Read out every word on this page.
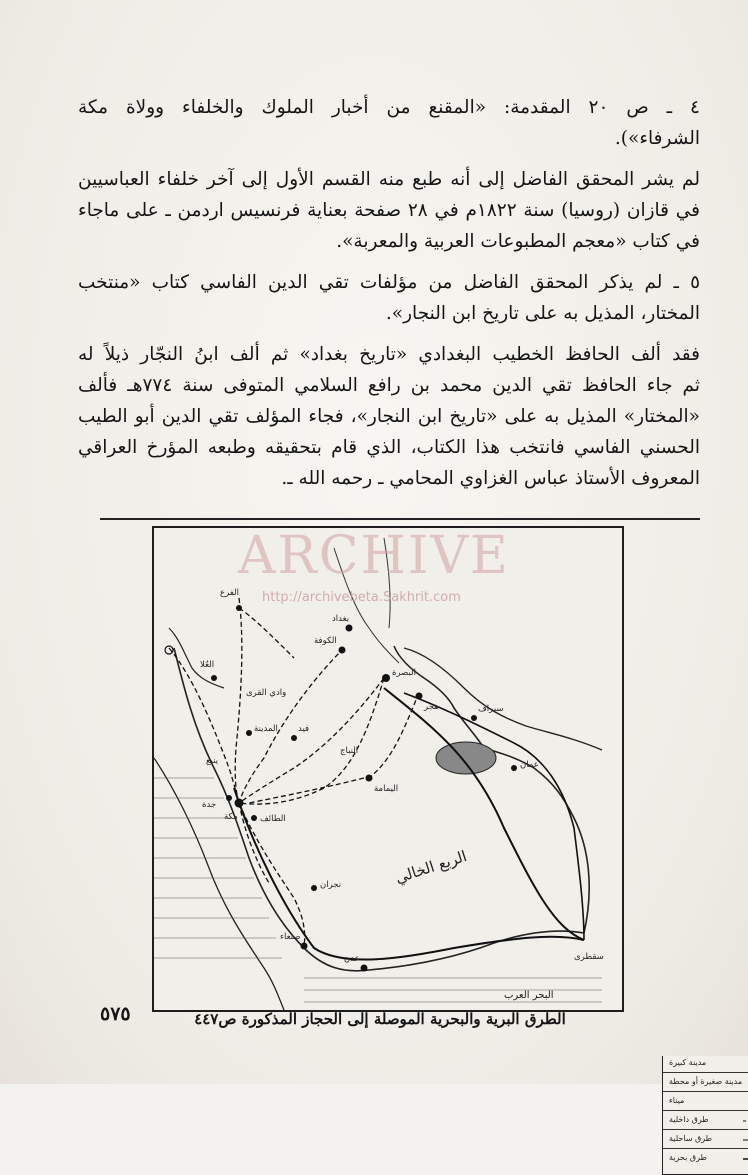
٤ ـ ص ٢٠ المقدمة: «المقنع من أخبار الملوك والخلفاء وولاة مكة
الشرفاء»).

لم يشر المحقق الفاضل إلى أنه طبع منه القسم الأول إلى آخر خلفاء العباسيين
في قازان (روسيا) سنة ١٨٢٢م في ٢٨ صفحة بعناية فرنسيس اردمن ـ على ماجاء
في كتاب «معجم المطبوعات العربية والمعربة».

٥ ـ لم يذكر المحقق الفاضل من مؤلفات تقي الدين الفاسي كتاب «منتخب
المختار، المذيل به على تاريخ ابن النجار».

فقد ألف الحافظ الخطيب البغدادي «تاريخ بغداد» ثم ألف ابنُ النجّار ذيلاً له
ثم جاء الحافظ تقي الدين محمد بن رافع السلامي المتوفى سنة ٧٧٤هـ فألف
«المختار» المذيل به على «تاريخ ابن النجار»، فجاء المؤلف تقي الدين أبو الطيب
الحسني الفاسي فانتخب هذا الكتاب، الذي قام بتحقيقه وطبعه المؤرخ العراقي
المعروف الأستاذ عباس الغزاوي المحامي ـ رحمه الله ـ.

مدينة كبيرة
مدينة صغيرة أو محطة
ميناء
طرق داخلية
طرق ساحلية
طرق بحرية
بغداد
الكوفة
البصرة
الفرع
العُلا
وادي القرى
المدينة
ينبع
جدة
مكة	الطائف
نجران
صنعاء
عدن
هجر
اليمامة
النباج
فيد
عمان
سيراف
سقطرى
الربع الخالي
البحر العرب
ARCHIVE
http://archivebeta.Sakhrit.com
الطرق البرية والبحرية الموصلة إلى الحجاز المذكورة ص٤٤٧
٥٧٥
